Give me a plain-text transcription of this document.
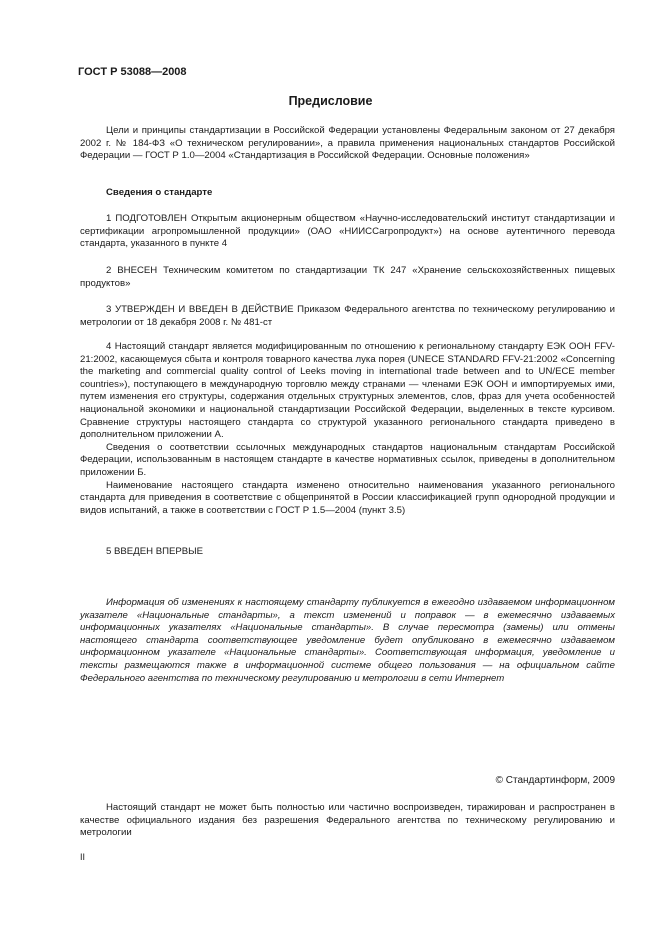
ГОСТ Р 53088—2008
Предисловие
Цели и принципы стандартизации в Российской Федерации установлены Федеральным законом от 27 декабря 2002 г. № 184-ФЗ «О техническом регулировании», а правила применения национальных стандартов Российской Федерации — ГОСТ Р 1.0—2004 «Стандартизация в Российской Федерации. Основные положения»
Сведения о стандарте
1 ПОДГОТОВЛЕН Открытым акционерным обществом «Научно-исследовательский институт стандартизации и сертификации агропромышленной продукции» (ОАО «НИИССагропродукт») на основе аутентичного перевода стандарта, указанного в пункте 4
2 ВНЕСЕН Техническим комитетом по стандартизации ТК 247 «Хранение сельскохозяйственных пищевых продуктов»
3 УТВЕРЖДЕН И ВВЕДЕН В ДЕЙСТВИЕ Приказом Федерального агентства по техническому регулированию и метрологии от 18 декабря 2008 г. № 481-ст

4 Настоящий стандарт является модифицированным по отношению к региональному стандарту ЕЭК ООН FFV-21:2002, касающемуся сбыта и контроля товарного качества лука порея (UNECE STANDARD FFV-21:2002 «Concerning the marketing and commercial quality control of Leeks moving in international trade between and to UN/ECE member countries»), поступающего в международную торговлю между странами — членами ЕЭК ООН и импортируемых ими, путем изменения его структуры, содержания отдельных структурных элементов, слов, фраз для учета особенностей национальной экономики и национальной стандартизации Российской Федерации, выделенных в тексте курсивом. Сравнение структуры настоящего стандарта со структурой указанного регионального стандарта приведено в дополнительном приложении А.

Сведения о соответствии ссылочных международных стандартов национальным стандартам Российской Федерации, использованным в настоящем стандарте в качестве нормативных ссылок, приведены в дополнительном приложении Б.

Наименование настоящего стандарта изменено относительно наименования указанного регионального стандарта для приведения в соответствие с общепринятой в России классификацией групп однородной продукции и видов испытаний, а также в соответствии с ГОСТ Р 1.5—2004 (пункт 3.5)

5 ВВЕДЕН ВПЕРВЫЕ
Информация об изменениях к настоящему стандарту публикуется в ежегодно издаваемом информационном указателе «Национальные стандарты», а текст изменений и поправок — в ежемесячно издаваемых информационных указателях «Национальные стандарты». В случае пересмотра (замены) или отмены настоящего стандарта соответствующее уведомление будет опубликовано в ежемесячно издаваемом информационном указателе «Национальные стандарты». Соответствующая информация, уведомление и тексты размещаются также в информационной системе общего пользования — на официальном сайте Федерального агентства по техническому регулированию и метрологии в сети Интернет
© Стандартинформ, 2009
Настоящий стандарт не может быть полностью или частично воспроизведен, тиражирован и распространен в качестве официального издания без разрешения Федерального агентства по техническому регулированию и метрологии
II
